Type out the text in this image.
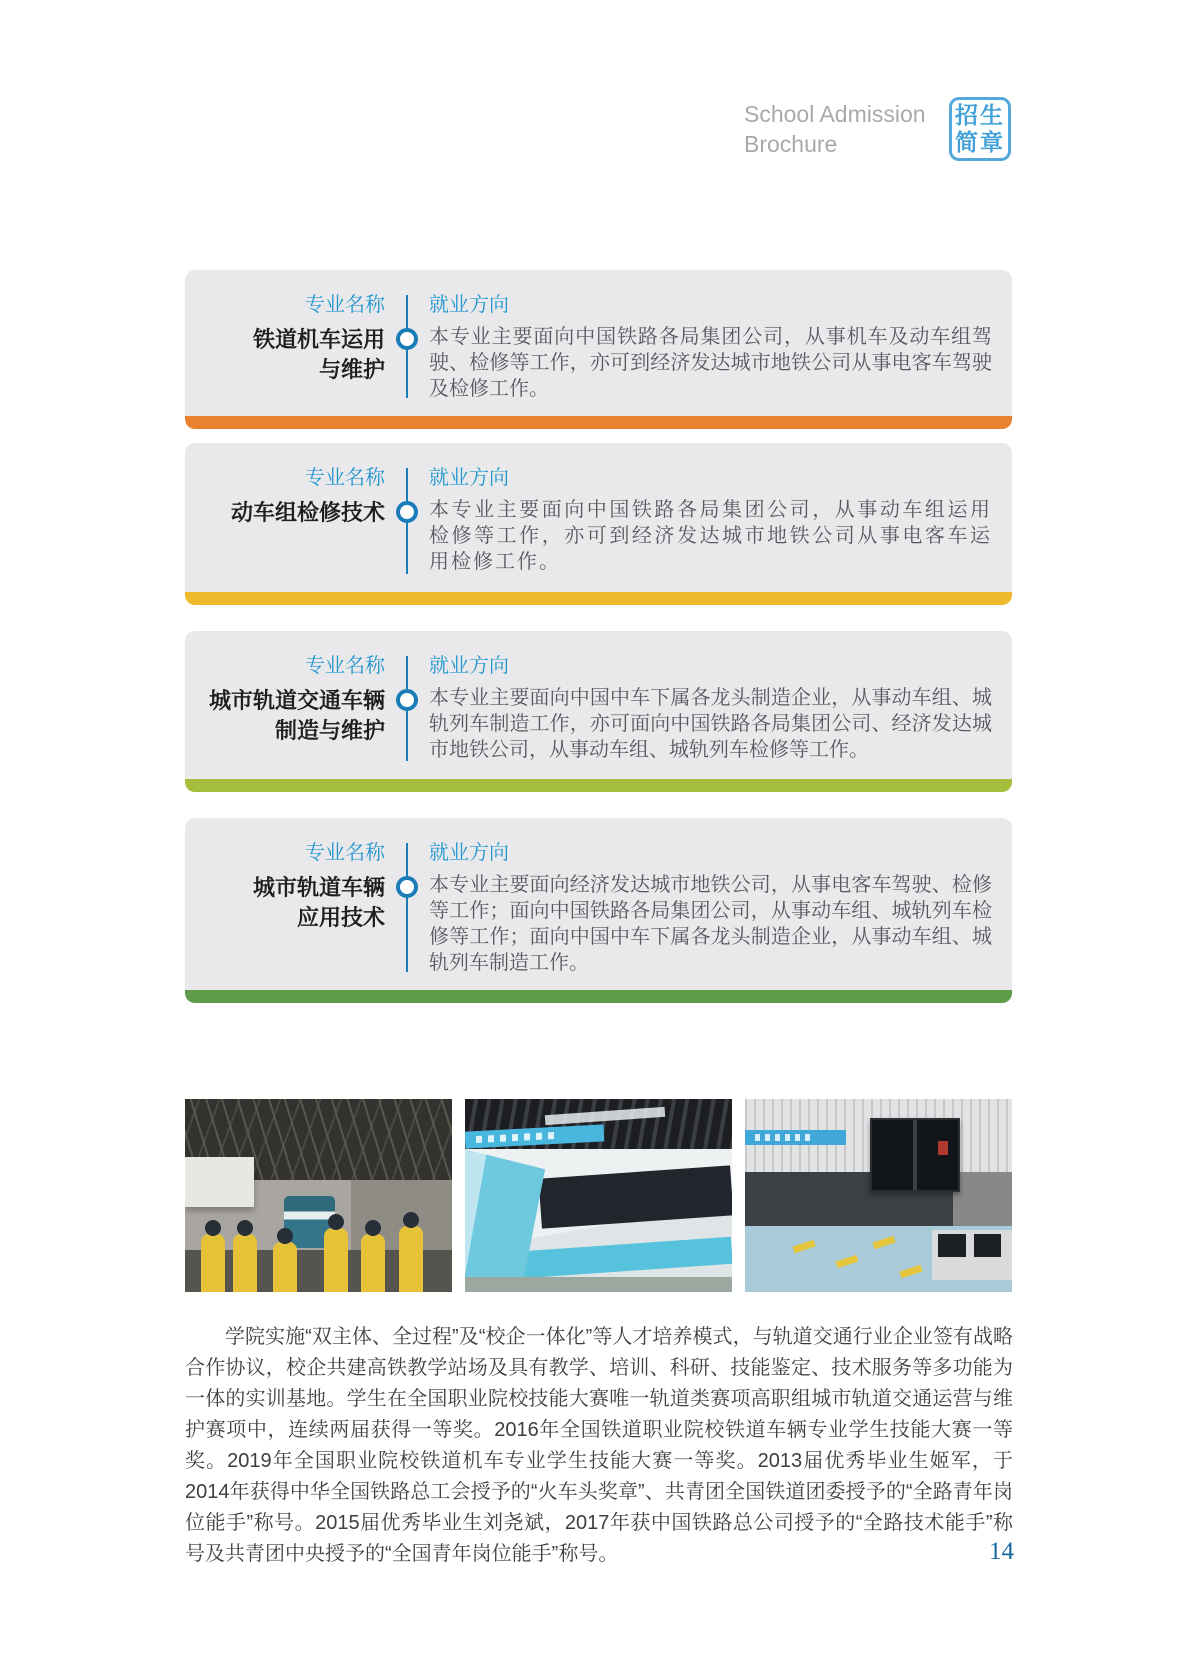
School Admission
Brochure
招生
简章
专业名称
铁道机车运用
与维护
就业方向

本专业主要面向中国铁路各局集团公司，从事机车及动车组驾驶、检修等工作，亦可到经济发达城市地铁公司从事电客车驾驶及检修工作。

专业名称
动车组检修技术
就业方向

本专业主要面向中国铁路各局集团公司，从事动车组运用检修等工作，亦可到经济发达城市地铁公司从事电客车运用检修工作。

专业名称
城市轨道交通车辆
制造与维护
就业方向

本专业主要面向中国中车下属各龙头制造企业，从事动车组、城轨列车制造工作，亦可面向中国铁路各局集团公司、经济发达城市地铁公司，从事动车组、城轨列车检修等工作。

专业名称
城市轨道车辆
应用技术
就业方向

本专业主要面向经济发达城市地铁公司，从事电客车驾驶、检修等工作；面向中国铁路各局集团公司，从事动车组、城轨列车检修等工作；面向中国中车下属各龙头制造企业，从事动车组、城轨列车制造工作。

学院实施“双主体、全过程”及“校企一体化”等人才培养模式，与轨道交通行业企业签有战略合作协议，校企共建高铁教学站场及具有教学、培训、科研、技能鉴定、技术服务等多功能为一体的实训基地。学生在全国职业院校技能大赛唯一轨道类赛项高职组城市轨道交通运营与维护赛项中，连续两届获得一等奖。2016年全国铁道职业院校铁道车辆专业学生技能大赛一等奖。2019年全国职业院校铁道机车专业学生技能大赛一等奖。2013届优秀毕业生姬军，于2014年获得中华全国铁路总工会授予的“火车头奖章”、共青团全国铁道团委授予的“全路青年岗位能手”称号。2015届优秀毕业生刘尧斌，2017年获中国铁路总公司授予的“全路技术能手”称号及共青团中央授予的“全国青年岗位能手”称号。	14
